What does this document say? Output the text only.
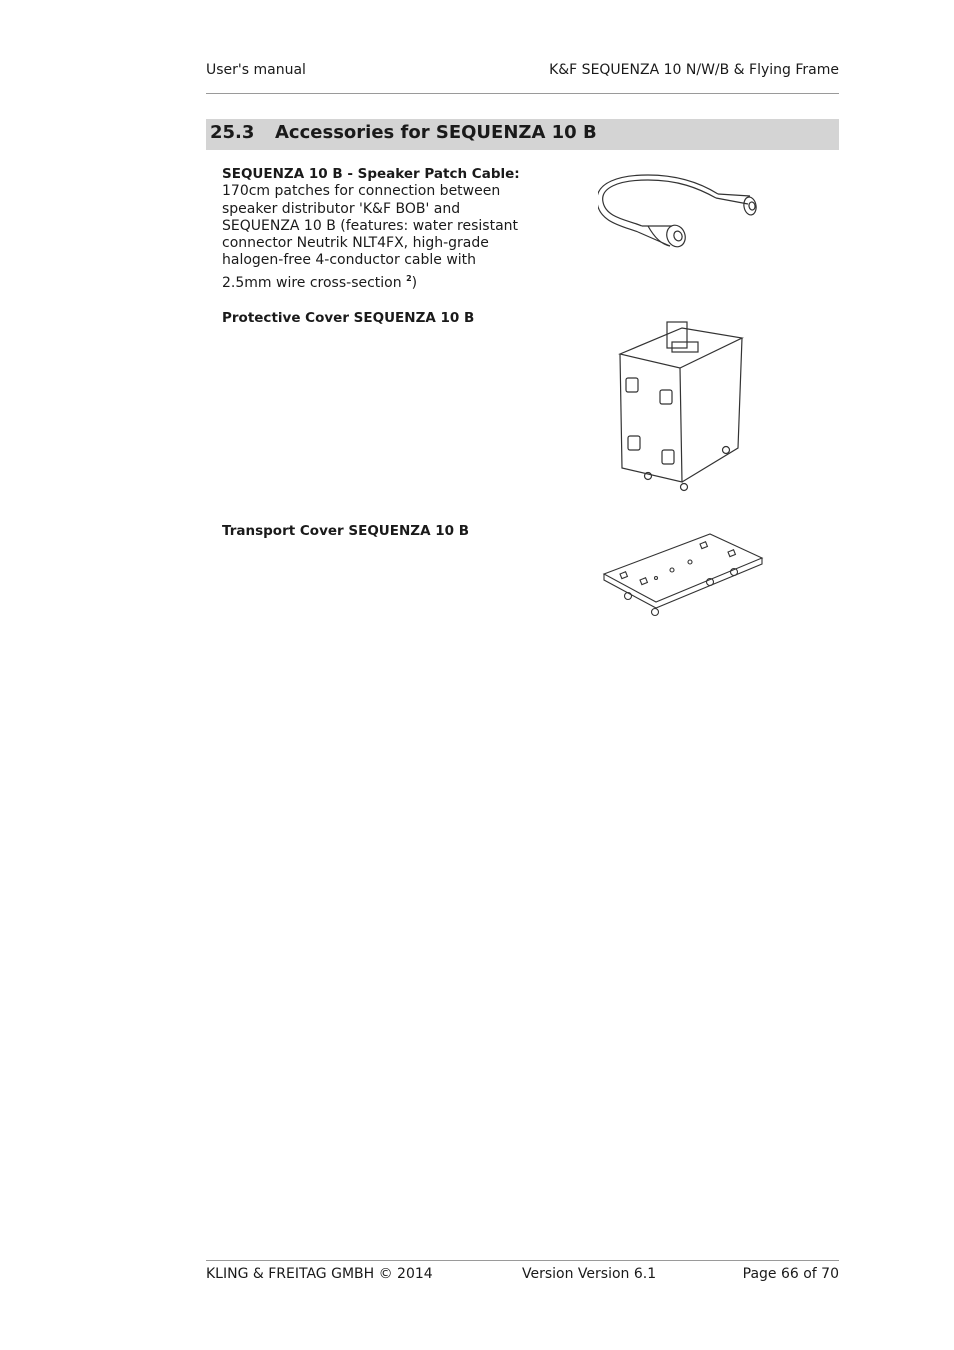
User's manual	K&F SEQUENZA 10 N/W/B & Flying Frame
25.3 Accessories for SEQUENZA 10 B
SEQUENZA 10 B - Speaker Patch Cable:
170cm patches for connection between speaker distributor 'K&F BOB' and SEQUENZA 10 B (features: water resistant connector Neutrik NLT4FX, high-grade halogen-free 4-conductor cable with 2.5mm wire cross-section $^2$)
Protective Cover SEQUENZA 10 B
Transport Cover SEQUENZA 10 B
KLING & FREITAG GMBH © 2014	Version Version 6.1	Page 66 of 70
